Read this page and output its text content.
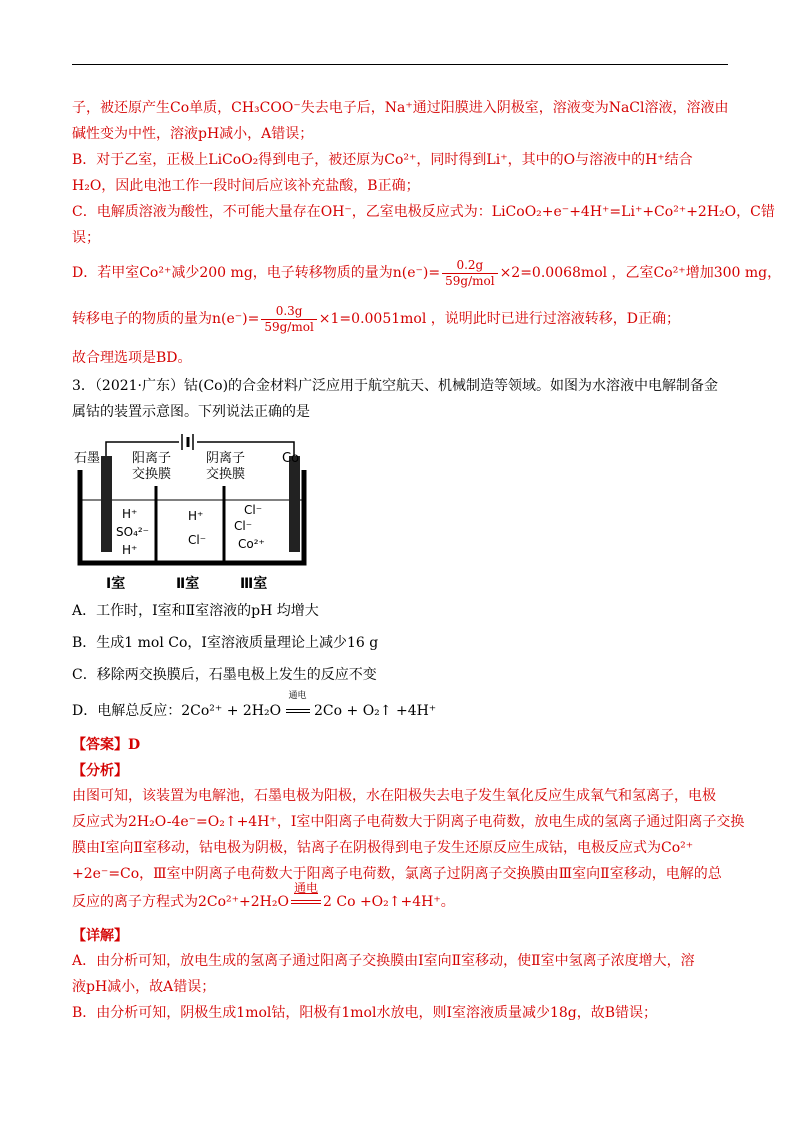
子，被还原产生Co单质，CH₃COO⁻失去电子后，Na⁺通过阳膜进入阴极室，溶液变为NaCl溶液，溶液由
碱性变为中性，溶液pH减小，A错误；
B．对于乙室，正极上LiCoO₂得到电子，被还原为Co²⁺，同时得到Li⁺，其中的O与溶液中的H⁺结合
H₂O，因此电池工作一段时间后应该补充盐酸，B正确；
C．电解质溶液为酸性，不可能大量存在OH⁻，乙室电极反应式为：LiCoO₂+e⁻+4H⁺=Li⁺+Co²⁺+2H₂O，C错
误；
D．若甲室Co²⁺减少200 mg，电子转移物质的量为$n(e^-)= \frac{0.2g}{\text{59g/mol}} \times 2=0.0068mol$ ，乙室Co²⁺增加300 mg，
转移电子的物质的量为$n(e^-)= \frac{0.3g}{\text{59g/mol}} \times 1=0.0051mol$ ，说明此时已进行过溶液转移，D正确；
故合理选项是BD。
3．（2021·广东）钴(Co)的合金材料广泛应用于航空航天、机械制造等领域。如图为水溶液中电解制备金
属钴的装置示意图。下列说法正确的是
石墨	Co
阳离子
交换膜
阴离子
交换膜
H⁺
SO₄²⁻
H⁺
H⁺
Cl⁻
Cl⁻
Cl⁻
Co²⁺
Ⅰ室	Ⅱ室	Ⅲ室
A．工作时，Ⅰ室和Ⅱ室溶液的pH 均增大
B．生成1 mol Co，Ⅰ室溶液质量理论上减少16 g
C．移除两交换膜后，石墨电极上发生的反应不变
D．电解总反应：2Co²⁺ + 2H₂O
通电
2Co + O₂↑ +4H⁺
【答案】D
【分析】
由图可知，该装置为电解池，石墨电极为阳极，水在阳极失去电子发生氧化反应生成氧气和氢离子，电极
反应式为2H₂O-4e⁻=O₂↑+4H⁺，Ⅰ室中阳离子电荷数大于阴离子电荷数，放电生成的氢离子通过阳离子交换
膜由Ⅰ室向Ⅱ室移动，钴电极为阴极，钴离子在阴极得到电子发生还原反应生成钴，电极反应式为Co²⁺
+2e⁻=Co，Ⅲ室中阴离子电荷数大于阳离子电荷数，氯离子过阴离子交换膜由Ⅲ室向Ⅱ室移动，电解的总
反应的离子方程式为2Co²⁺+2H₂O
通电
2 Co +O₂↑+4H⁺。
【详解】
A．由分析可知，放电生成的氢离子通过阳离子交换膜由Ⅰ室向Ⅱ室移动，使Ⅱ室中氢离子浓度增大，溶
液pH减小，故A错误；
B．由分析可知，阴极生成1mol钴，阳极有1mol水放电，则Ⅰ室溶液质量减少18g，故B错误；
